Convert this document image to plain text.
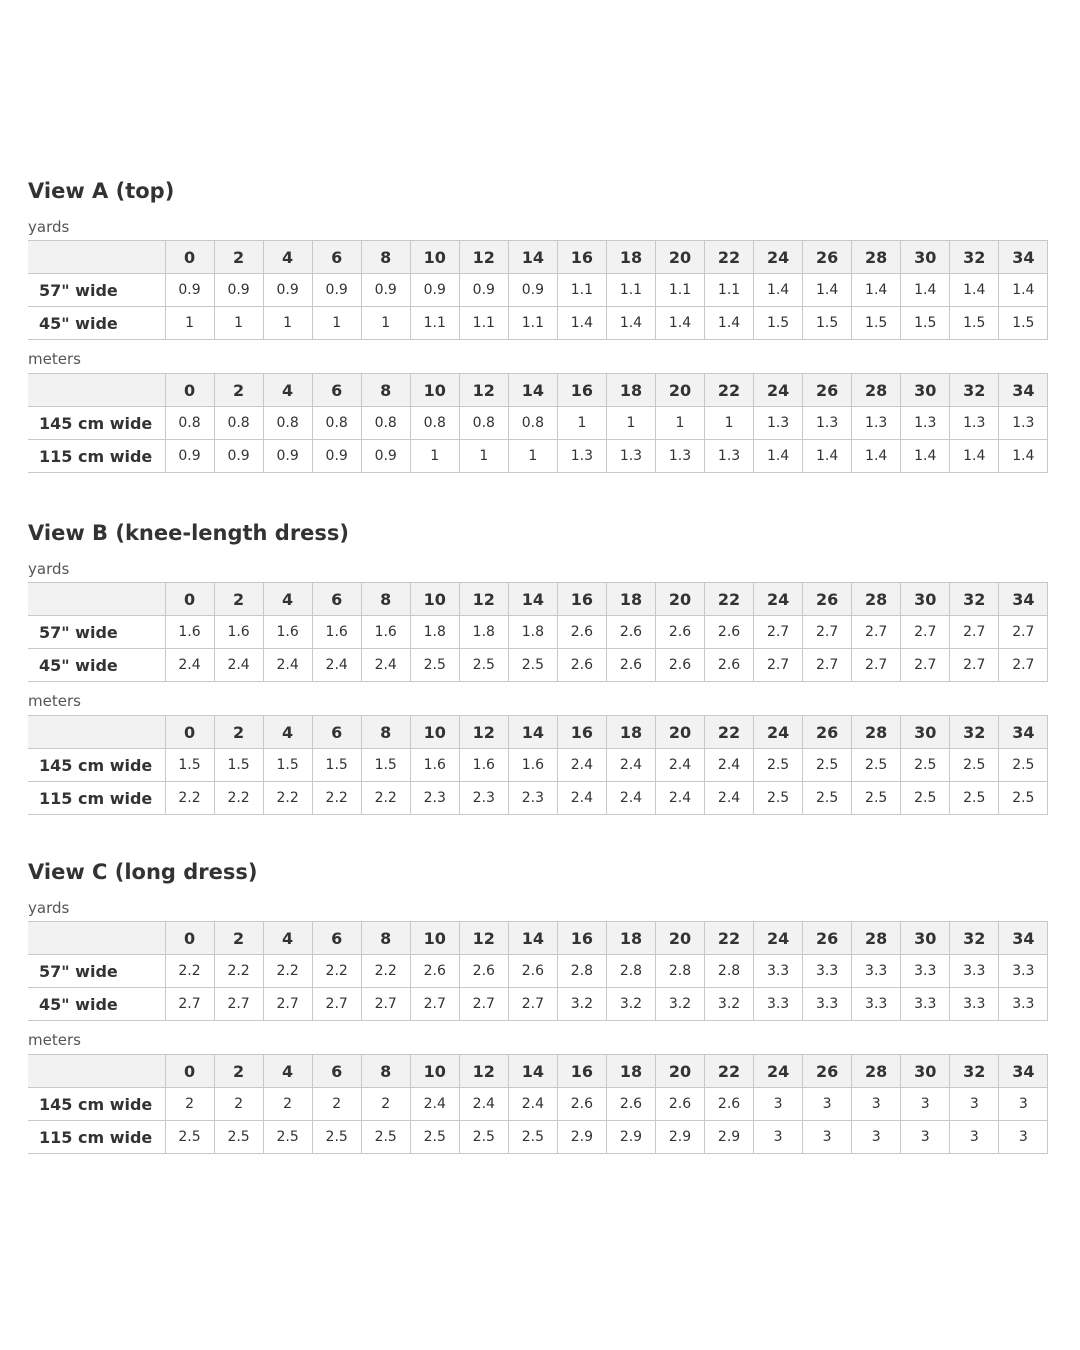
View A (top)
yards
	0	2	4	6	8	10	12	14	16	18	20	22	24	26	28	30	32	34
57" wide	0.9	0.9	0.9	0.9	0.9	0.9	0.9	0.9	1.1	1.1	1.1	1.1	1.4	1.4	1.4	1.4	1.4	1.4
45" wide	1	1	1	1	1	1.1	1.1	1.1	1.4	1.4	1.4	1.4	1.5	1.5	1.5	1.5	1.5	1.5
meters
	0	2	4	6	8	10	12	14	16	18	20	22	24	26	28	30	32	34
145 cm wide	0.8	0.8	0.8	0.8	0.8	0.8	0.8	0.8	1	1	1	1	1.3	1.3	1.3	1.3	1.3	1.3
115 cm wide	0.9	0.9	0.9	0.9	0.9	1	1	1	1.3	1.3	1.3	1.3	1.4	1.4	1.4	1.4	1.4	1.4
View B (knee-length dress)
yards
	0	2	4	6	8	10	12	14	16	18	20	22	24	26	28	30	32	34
57" wide	1.6	1.6	1.6	1.6	1.6	1.8	1.8	1.8	2.6	2.6	2.6	2.6	2.7	2.7	2.7	2.7	2.7	2.7
45" wide	2.4	2.4	2.4	2.4	2.4	2.5	2.5	2.5	2.6	2.6	2.6	2.6	2.7	2.7	2.7	2.7	2.7	2.7
meters
	0	2	4	6	8	10	12	14	16	18	20	22	24	26	28	30	32	34
145 cm wide	1.5	1.5	1.5	1.5	1.5	1.6	1.6	1.6	2.4	2.4	2.4	2.4	2.5	2.5	2.5	2.5	2.5	2.5
115 cm wide	2.2	2.2	2.2	2.2	2.2	2.3	2.3	2.3	2.4	2.4	2.4	2.4	2.5	2.5	2.5	2.5	2.5	2.5
View C (long dress)
yards
	0	2	4	6	8	10	12	14	16	18	20	22	24	26	28	30	32	34
57" wide	2.2	2.2	2.2	2.2	2.2	2.6	2.6	2.6	2.8	2.8	2.8	2.8	3.3	3.3	3.3	3.3	3.3	3.3
45" wide	2.7	2.7	2.7	2.7	2.7	2.7	2.7	2.7	3.2	3.2	3.2	3.2	3.3	3.3	3.3	3.3	3.3	3.3
meters
	0	2	4	6	8	10	12	14	16	18	20	22	24	26	28	30	32	34
145 cm wide	2	2	2	2	2	2.4	2.4	2.4	2.6	2.6	2.6	2.6	3	3	3	3	3	3
115 cm wide	2.5	2.5	2.5	2.5	2.5	2.5	2.5	2.5	2.9	2.9	2.9	2.9	3	3	3	3	3	3
